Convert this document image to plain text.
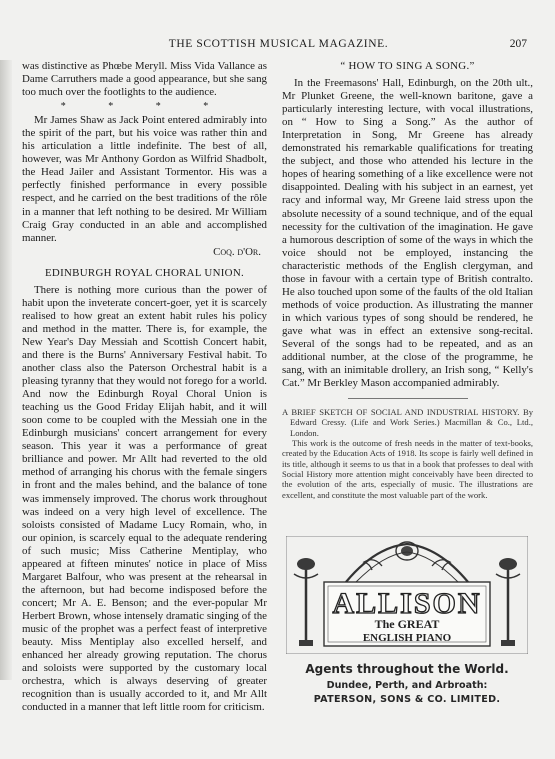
THE SCOTTISH MUSICAL MAGAZINE.	207

was distinctive as Phœbe Meryll. Miss Vida Vallance as Dame Carruthers made a good appearance, but she sang too much over the footlights to the audience.

* * * *

Mr James Shaw as Jack Point entered admirably into the spirit of the part, but his voice was rather thin and his articulation a little indefinite. The best of all, however, was Mr Anthony Gordon as Wilfrid Shadbolt, the Head Jailer and Assistant Tormentor. His was a perfectly finished performance in every possible respect, and he carried on the best traditions of the rôle in a manner that left nothing to be desired. Mr William Craig Gray conducted in an able and accomplished manner.

Coq. d'Or.
EDINBURGH ROYAL CHORAL UNION.

There is nothing more curious than the power of habit upon the inveterate concert-goer, yet it is scarcely realised to how great an extent habit rules his policy and method in the matter. There is, for example, the New Year's Day Messiah and Scottish Concert habit, and there is the Burns' Anniversary Festival habit. To another class also the Paterson Orchestral habit is a pleasing tyranny that they would not forego for a world. And now the Edinburgh Royal Choral Union is teaching us the Good Friday Elijah habit, and it will soon come to be coupled with the Messiah one in the Edinburgh musicians' concert arrangement for every season. This year it was a performance of great brilliance and power. Mr Allt had reverted to the old method of arranging his chorus with the female singers in front and the males behind, and the balance of tone was immensely improved. The chorus work throughout was indeed on a very high level of excellence. The soloists consisted of Madame Lucy Romain, who, in our opinion, is scarcely equal to the adequate rendering of such music; Miss Catherine Mentiplay, who appeared at fifteen minutes' notice in place of Miss Margaret Balfour, who was present at the rehearsal in the afternoon, but had become indisposed before the concert; Mr A. E. Benson; and the ever-popular Mr Herbert Brown, whose intensely dramatic singing of the music of the prophet was a perfect feast of interpretive beauty. Miss Mentiplay also excelled herself, and enhanced her already growing reputation. The chorus and soloists were supported by the customary local orchestra, which is always deserving of greater recognition than is usually accorded to it, and Mr Allt conducted in a manner that left little room for criticism.

“ HOW TO SING A SONG.”

In the Freemasons' Hall, Edinburgh, on the 20th ult., Mr Plunket Greene, the well-known baritone, gave a particularly interesting lecture, with vocal illustrations, on “ How to Sing a Song.” As the author of Interpretation in Song, Mr Greene has already demonstrated his remarkable qualifications for treating the subject, and those who attended his lecture in the hopes of hearing something of a like excellence were not disappointed. Dealing with his subject in an earnest, yet racy and informal way, Mr Greene laid stress upon the absolute necessity of a sound technique, and of the equal necessity for the cultivation of the imagination. He gave a humorous description of some of the ways in which the voice should not be employed, instancing the characteristic methods of the English clergyman, and those in favour with a certain type of British contralto. He also touched upon some of the faults of the old Italian methods of voice production. As illustrating the manner in which various types of song should be rendered, he gave what was in effect an extensive song-recital. Several of the songs had to be repeated, and as an additional number, at the close of the programme, he sang, with an inimitable drollery, an Irish song, “ Kelly's Cat.” Mr Berkley Mason accompanied admirably.

A BRIEF SKETCH OF SOCIAL AND INDUSTRIAL HISTORY. By Edward Cressy. (Life and Work Series.) Macmillan & Co., Ltd., London.

This work is the outcome of fresh needs in the matter of text-books, created by the Education Acts of 1918. Its scope is fairly well defined in its title, although it seems to us that in a book that professes to deal with Social History more attention might conceivably have been directed to the evolution of the arts, especially of music. The illustrations are excellent, and constitute the most valuable part of the work.

ALLISON
The GREAT
ENGLISH PIANO
Agents throughout the World.
Dundee, Perth, and Arbroath:
PATERSON, SONS & CO. LIMITED.
